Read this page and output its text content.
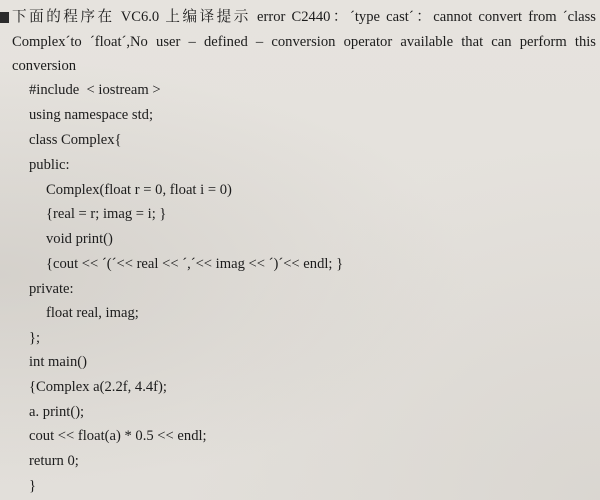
下面的程序在 VC6.0 上编译提示 error C2440：´type cast´：cannot convert from ´class
Complex´to ´float´,No user – defined – conversion operator available that can perform this
conversion
#include  < iostream >
using namespace std;
class Complex{
public:
Complex(float r = 0, float i = 0)
{real = r; imag = i; }
void print()
{cout << ´(´<< real << ´,´<< imag << ´)´<< endl; }
private:
float real, imag;
};
int main()
{Complex a(2.2f, 4.4f);
a. print();
cout << float(a) * 0.5 << endl;
return 0;
}
